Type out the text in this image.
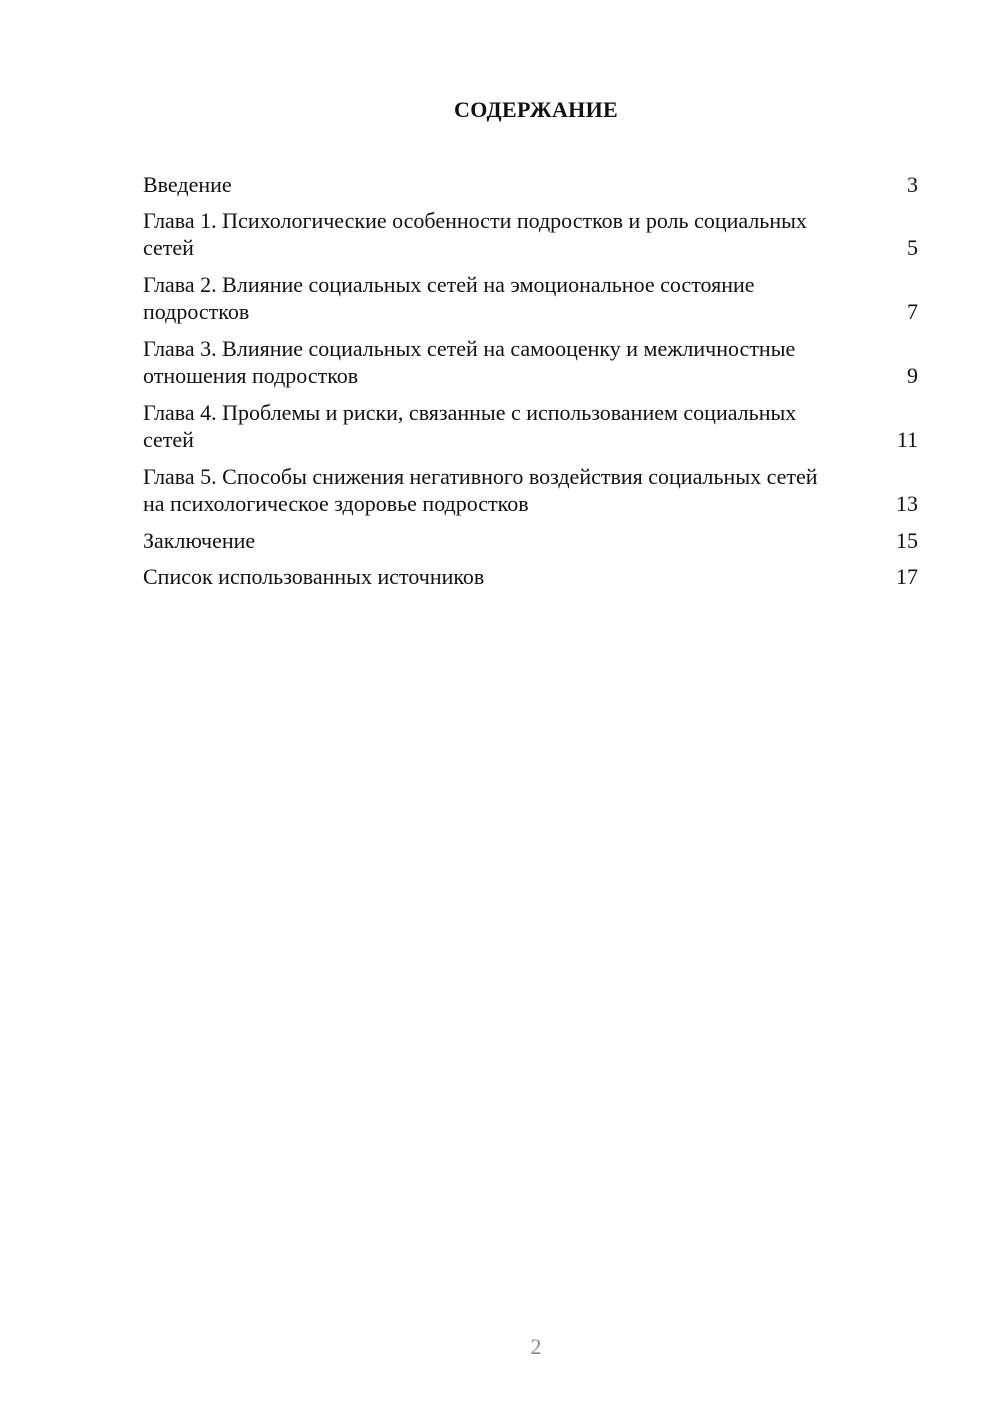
СОДЕРЖАНИЕ
Введение	3
Глава 1. Психологические особенности подростков и роль социальных сетей	5
Глава 2. Влияние социальных сетей на эмоциональное состояние подростков	7
Глава 3. Влияние социальных сетей на самооценку и межличностные отношения подростков	9
Глава 4. Проблемы и риски, связанные с использованием социальных сетей	11
Глава 5. Способы снижения негативного воздействия социальных сетей на психологическое здоровье подростков	13
Заключение	15
Список использованных источников	17
2
